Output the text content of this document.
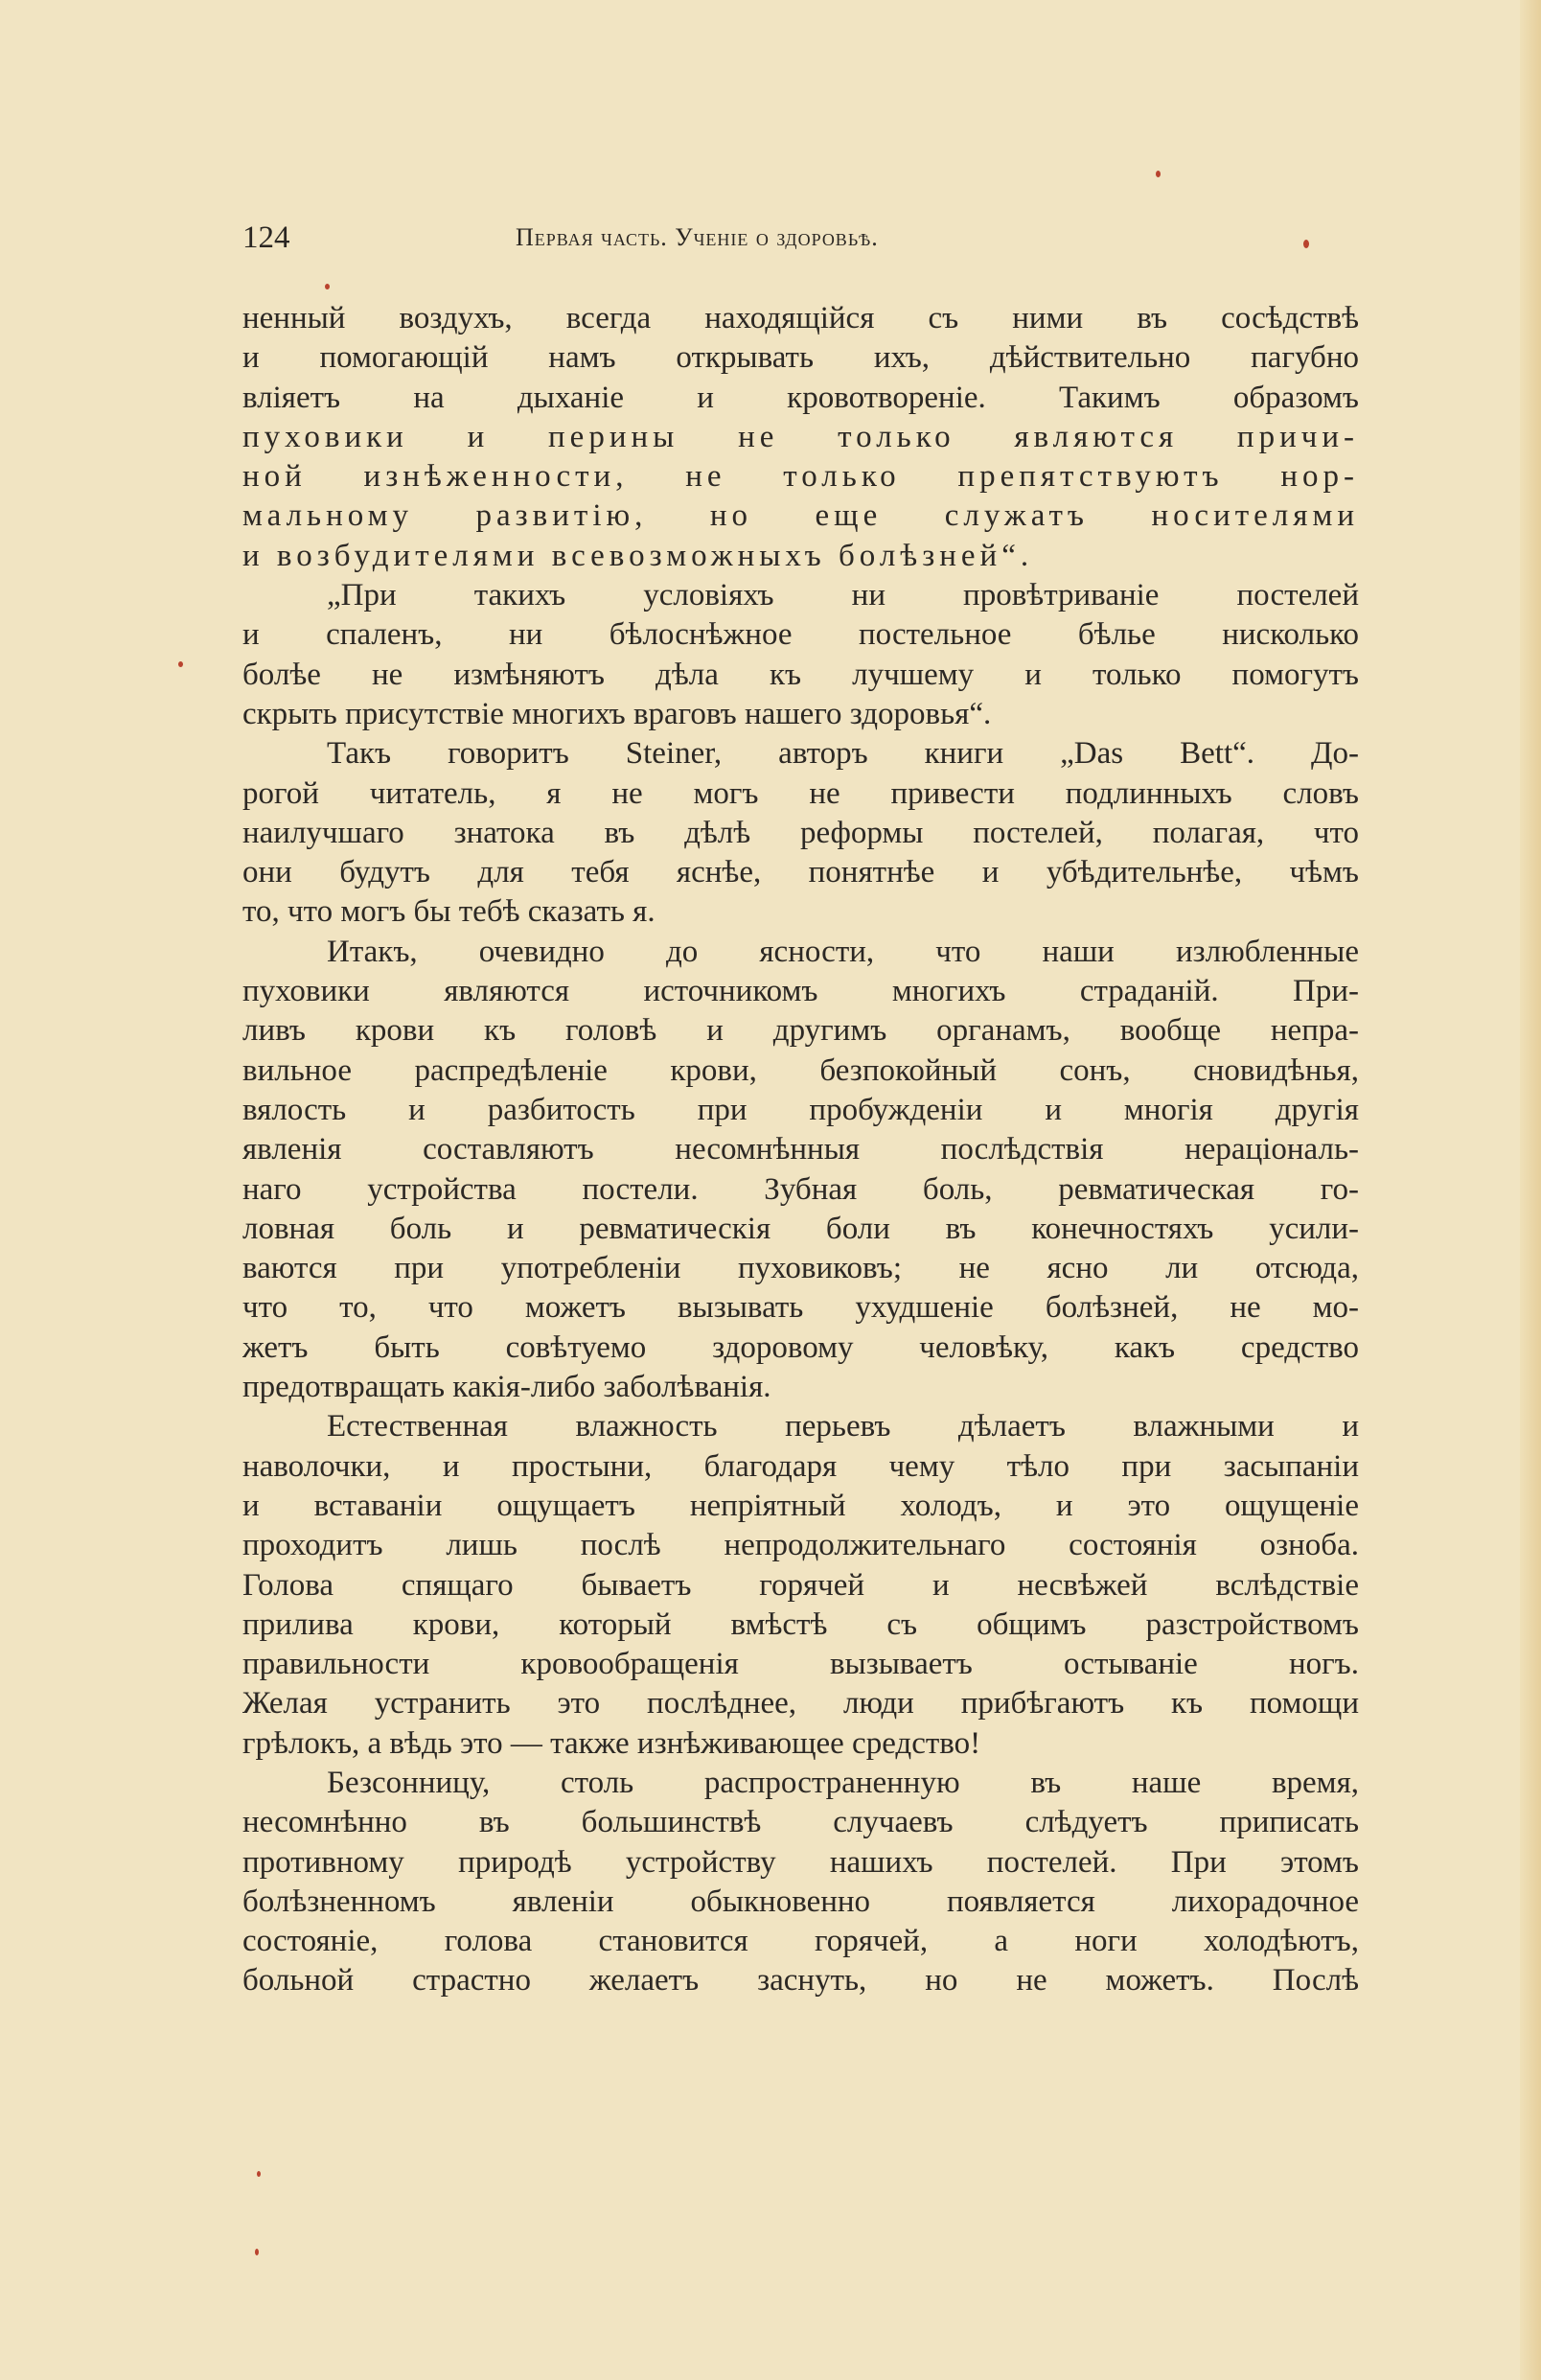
124	Первая часть. Ученіе о здоровьѣ.
ненный воздухъ, всегда находящійся съ ними въ сосѣдствѣ
и помогающій намъ открывать ихъ, дѣйствительно пагубно
вліяетъ на дыханіе и кровотвореніе. Такимъ образомъ
пуховики и перины не только являются причи-
ной изнѣженности, не только препятствуютъ нор-
мальному развитію, но еще служатъ носителями
и возбудителями всевозможныхъ болѣзней“.
„При такихъ условіяхъ ни провѣтриваніе постелей
и спаленъ, ни бѣлоснѣжное постельное бѣлье нисколько
болѣе не измѣняютъ дѣла къ лучшему и только помогутъ
скрыть присутствіе многихъ враговъ нашего здоровья“.
Такъ говоритъ Steiner, авторъ книги „Das Bett“. До-
рогой читатель, я не могъ не привести подлинныхъ словъ
наилучшаго знатока въ дѣлѣ реформы постелей, полагая, что
они будутъ для тебя яснѣе, понятнѣе и убѣдительнѣе, чѣмъ
то, что могъ бы тебѣ сказать я.
Итакъ, очевидно до ясности, что наши излюбленные
пуховики являются источникомъ многихъ страданій. При-
ливъ крови къ головѣ и другимъ органамъ, вообще непра-
вильное распредѣленіе крови, безпокойный сонъ, сновидѣнья,
вялость и разбитость при пробужденіи и многія другія
явленія составляютъ несомнѣнныя послѣдствія нераціональ-
наго устройства постели. Зубная боль, ревматическая го-
ловная боль и ревматическія боли въ конечностяхъ усили-
ваются при употребленіи пуховиковъ; не ясно ли отсюда,
что то, что можетъ вызывать ухудшеніе болѣзней, не мо-
жетъ быть совѣтуемо здоровому человѣку, какъ средство
предотвращать какія-либо заболѣванія.
Естественная влажность перьевъ дѣлаетъ влажными и
наволочки, и простыни, благодаря чему тѣло при засыпаніи
и вставаніи ощущаетъ непріятный холодъ, и это ощущеніе
проходитъ лишь послѣ непродолжительнаго состоянія озноба.
Голова спящаго бываетъ горячей и несвѣжей вслѣдствіе
прилива крови, который вмѣстѣ съ общимъ разстройствомъ
правильности кровообращенія вызываетъ остываніе ногъ.
Желая устранить это послѣднее, люди прибѣгаютъ къ помощи
грѣлокъ, а вѣдь это — также изнѣживающее средство!
Безсонницу, столь распространенную въ наше время,
несомнѣнно въ большинствѣ случаевъ слѣдуетъ приписать
противному природѣ устройству нашихъ постелей. При этомъ
болѣзненномъ явленіи обыкновенно появляется лихорадочное
состояніе, голова становится горячей, а ноги холодѣютъ,
больной страстно желаетъ заснуть, но не можетъ. Послѣ
